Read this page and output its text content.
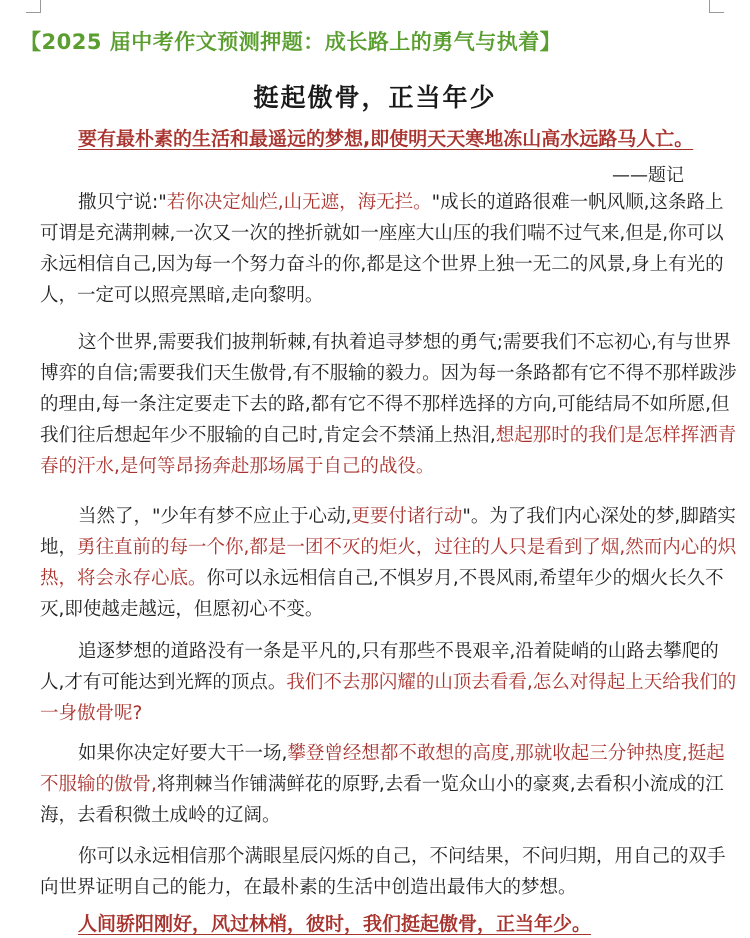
【2025 届中考作文预测押题：成长路上的勇气与执着】
挺起傲骨，正当年少
要有最朴素的生活和最遥远的梦想,即使明天天寒地冻山高水远路马人亡。
——题记
撒贝宁说:"若你决定灿烂,山无遮，海无拦。"成长的道路很难一帆风顺,这条路上可谓是充满荆棘,一次又一次的挫折就如一座座大山压的我们喘不过气来,但是,你可以永远相信自己,因为每一个努力奋斗的你,都是这个世界上独一无二的风景,身上有光的人，一定可以照亮黑暗,走向黎明。
这个世界,需要我们披荆斩棘,有执着追寻梦想的勇气;需要我们不忘初心,有与世界博弈的自信;需要我们天生傲骨,有不服输的毅力。因为每一条路都有它不得不那样跋涉的理由,每一条注定要走下去的路,都有它不得不那样选择的方向,可能结局不如所愿,但我们往后想起年少不服输的自己时,肯定会不禁涌上热泪,想起那时的我们是怎样挥洒青春的汗水,是何等昂扬奔赴那场属于自己的战役。
当然了，"少年有梦不应止于心动,更要付诸行动"。为了我们内心深处的梦,脚踏实地，勇往直前的每一个你,都是一团不灭的炬火，过往的人只是看到了烟,然而内心的炽热，将会永存心底。你可以永远相信自己,不惧岁月,不畏风雨,希望年少的烟火长久不灭,即使越走越远，但愿初心不变。
追逐梦想的道路没有一条是平凡的,只有那些不畏艰辛,沿着陡峭的山路去攀爬的人,才有可能达到光辉的顶点。我们不去那闪耀的山顶去看看,怎么对得起上天给我们的一身傲骨呢?
如果你决定好要大干一场,攀登曾经想都不敢想的高度,那就收起三分钟热度,挺起不服输的傲骨,将荆棘当作铺满鲜花的原野,去看一览众山小的豪爽,去看积小流成的江海，去看积微土成岭的辽阔。
你可以永远相信那个满眼星辰闪烁的自己，不问结果，不问归期，用自己的双手向世界证明自己的能力，在最朴素的生活中创造出最伟大的梦想。
人间骄阳刚好，风过林梢，彼时，我们挺起傲骨，正当年少。
